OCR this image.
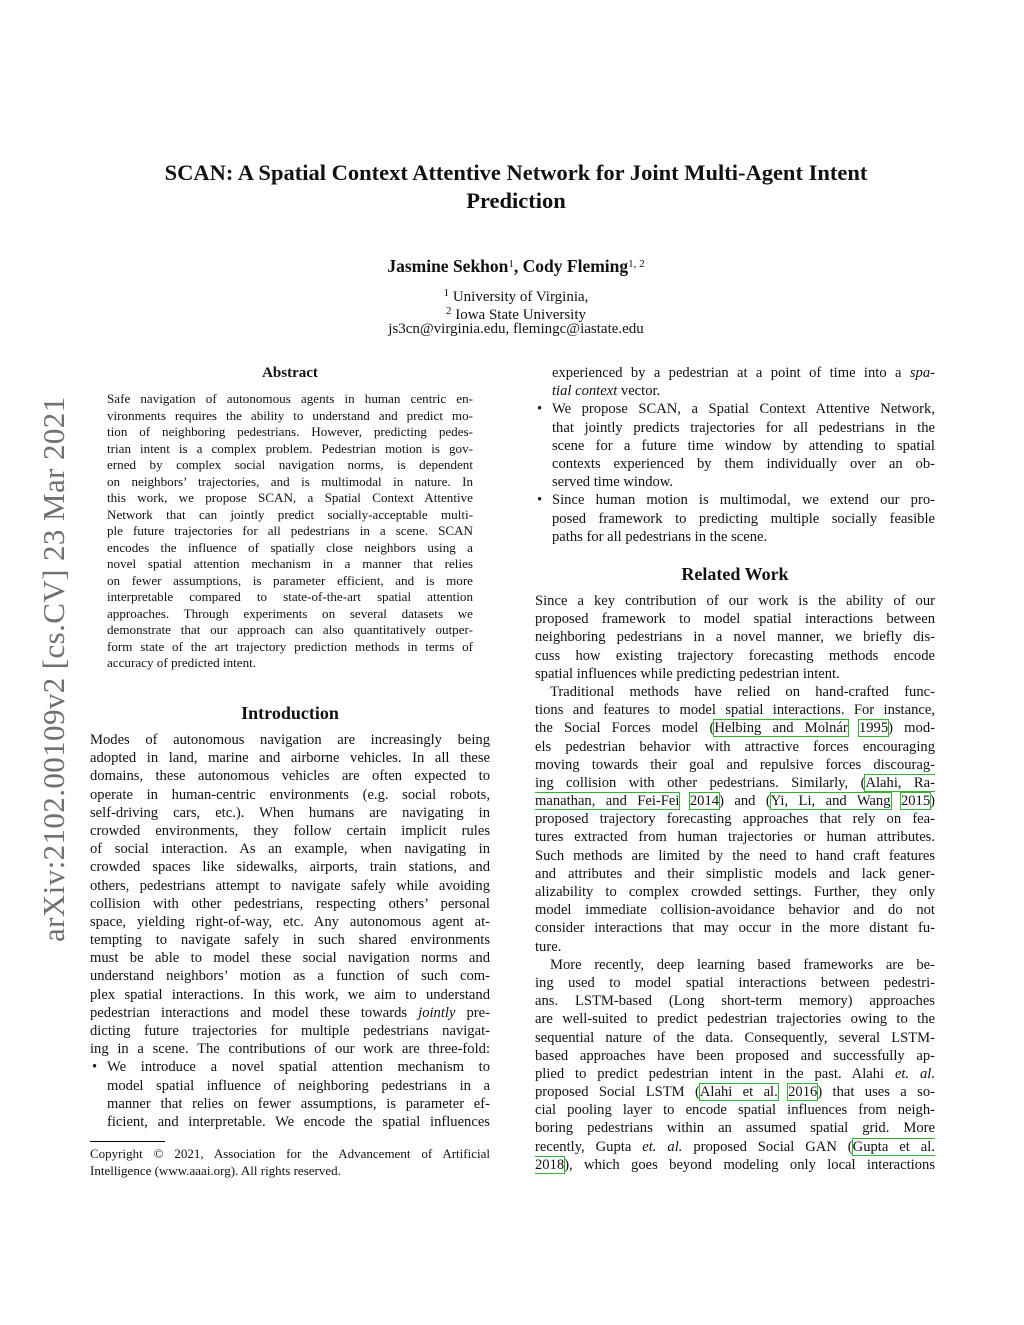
arXiv:2102.00109v2 [cs.CV] 23 Mar 2021
SCAN: A Spatial Context Attentive Network for Joint Multi-Agent Intent
Prediction
Jasmine Sekhon$^1$, Cody Fleming$^{1, 2}$
$^1$ University of Virginia,
$^2$ Iowa State University
js3cn@virginia.edu, flemingc@iastate.edu
Abstract
Safe navigation of autonomous agents in human centric en-
vironments requires the ability to understand and predict mo-
tion of neighboring pedestrians. However, predicting pedes-
trian intent is a complex problem. Pedestrian motion is gov-
erned by complex social navigation norms, is dependent
on neighbors’ trajectories, and is multimodal in nature. In
this work, we propose SCAN, a Spatial Context Attentive
Network that can jointly predict socially-acceptable multi-
ple future trajectories for all pedestrians in a scene. SCAN
encodes the influence of spatially close neighbors using a
novel spatial attention mechanism in a manner that relies
on fewer assumptions, is parameter efficient, and is more
interpretable compared to state-of-the-art spatial attention
approaches. Through experiments on several datasets we
demonstrate that our approach can also quantitatively outper-
form state of the art trajectory prediction methods in terms of
accuracy of predicted intent.
Introduction
Modes of autonomous navigation are increasingly being
adopted in land, marine and airborne vehicles. In all these
domains, these autonomous vehicles are often expected to
operate in human-centric environments (e.g. social robots,
self-driving cars, etc.). When humans are navigating in
crowded environments, they follow certain implicit rules
of social interaction. As an example, when navigating in
crowded spaces like sidewalks, airports, train stations, and
others, pedestrians attempt to navigate safely while avoiding
collision with other pedestrians, respecting others’ personal
space, yielding right-of-way, etc. Any autonomous agent at-
tempting to navigate safely in such shared environments
must be able to model these social navigation norms and
understand neighbors’ motion as a function of such com-
plex spatial interactions. In this work, we aim to understand
pedestrian interactions and model these towards jointly pre-
dicting future trajectories for multiple pedestrians navigat-
ing in a scene. The contributions of our work are three-fold:
• We introduce a novel spatial attention mechanism to
model spatial influence of neighboring pedestrians in a
manner that relies on fewer assumptions, is parameter ef-
ficient, and interpretable. We encode the spatial influences
Copyright © 2021, Association for the Advancement of Artificial
Intelligence (www.aaai.org). All rights reserved.
experienced by a pedestrian at a point of time into a spa-
tial context vector.
• We propose SCAN, a Spatial Context Attentive Network,
that jointly predicts trajectories for all pedestrians in the
scene for a future time window by attending to spatial
contexts experienced by them individually over an ob-
served time window.
• Since human motion is multimodal, we extend our pro-
posed framework to predicting multiple socially feasible
paths for all pedestrians in the scene.
Related Work
Since a key contribution of our work is the ability of our
proposed framework to model spatial interactions between
neighboring pedestrians in a novel manner, we briefly dis-
cuss how existing trajectory forecasting methods encode
spatial influences while predicting pedestrian intent.
Traditional methods have relied on hand-crafted func-
tions and features to model spatial interactions. For instance,
the Social Forces model (Helbing and Molnár 1995) mod-
els pedestrian behavior with attractive forces encouraging
moving towards their goal and repulsive forces discourag-
ing collision with other pedestrians. Similarly, (Alahi, Ra-
manathan, and Fei-Fei 2014) and (Yi, Li, and Wang 2015)
proposed trajectory forecasting approaches that rely on fea-
tures extracted from human trajectories or human attributes.
Such methods are limited by the need to hand craft features
and attributes and their simplistic models and lack gener-
alizability to complex crowded settings. Further, they only
model immediate collision-avoidance behavior and do not
consider interactions that may occur in the more distant fu-
ture.
More recently, deep learning based frameworks are be-
ing used to model spatial interactions between pedestri-
ans. LSTM-based (Long short-term memory) approaches
are well-suited to predict pedestrian trajectories owing to the
sequential nature of the data. Consequently, several LSTM-
based approaches have been proposed and successfully ap-
plied to predict pedestrian intent in the past. Alahi et. al.
proposed Social LSTM (Alahi et al. 2016) that uses a so-
cial pooling layer to encode spatial influences from neigh-
boring pedestrians within an assumed spatial grid. More
recently, Gupta et. al. proposed Social GAN (Gupta et al.
2018), which goes beyond modeling only local interactions
